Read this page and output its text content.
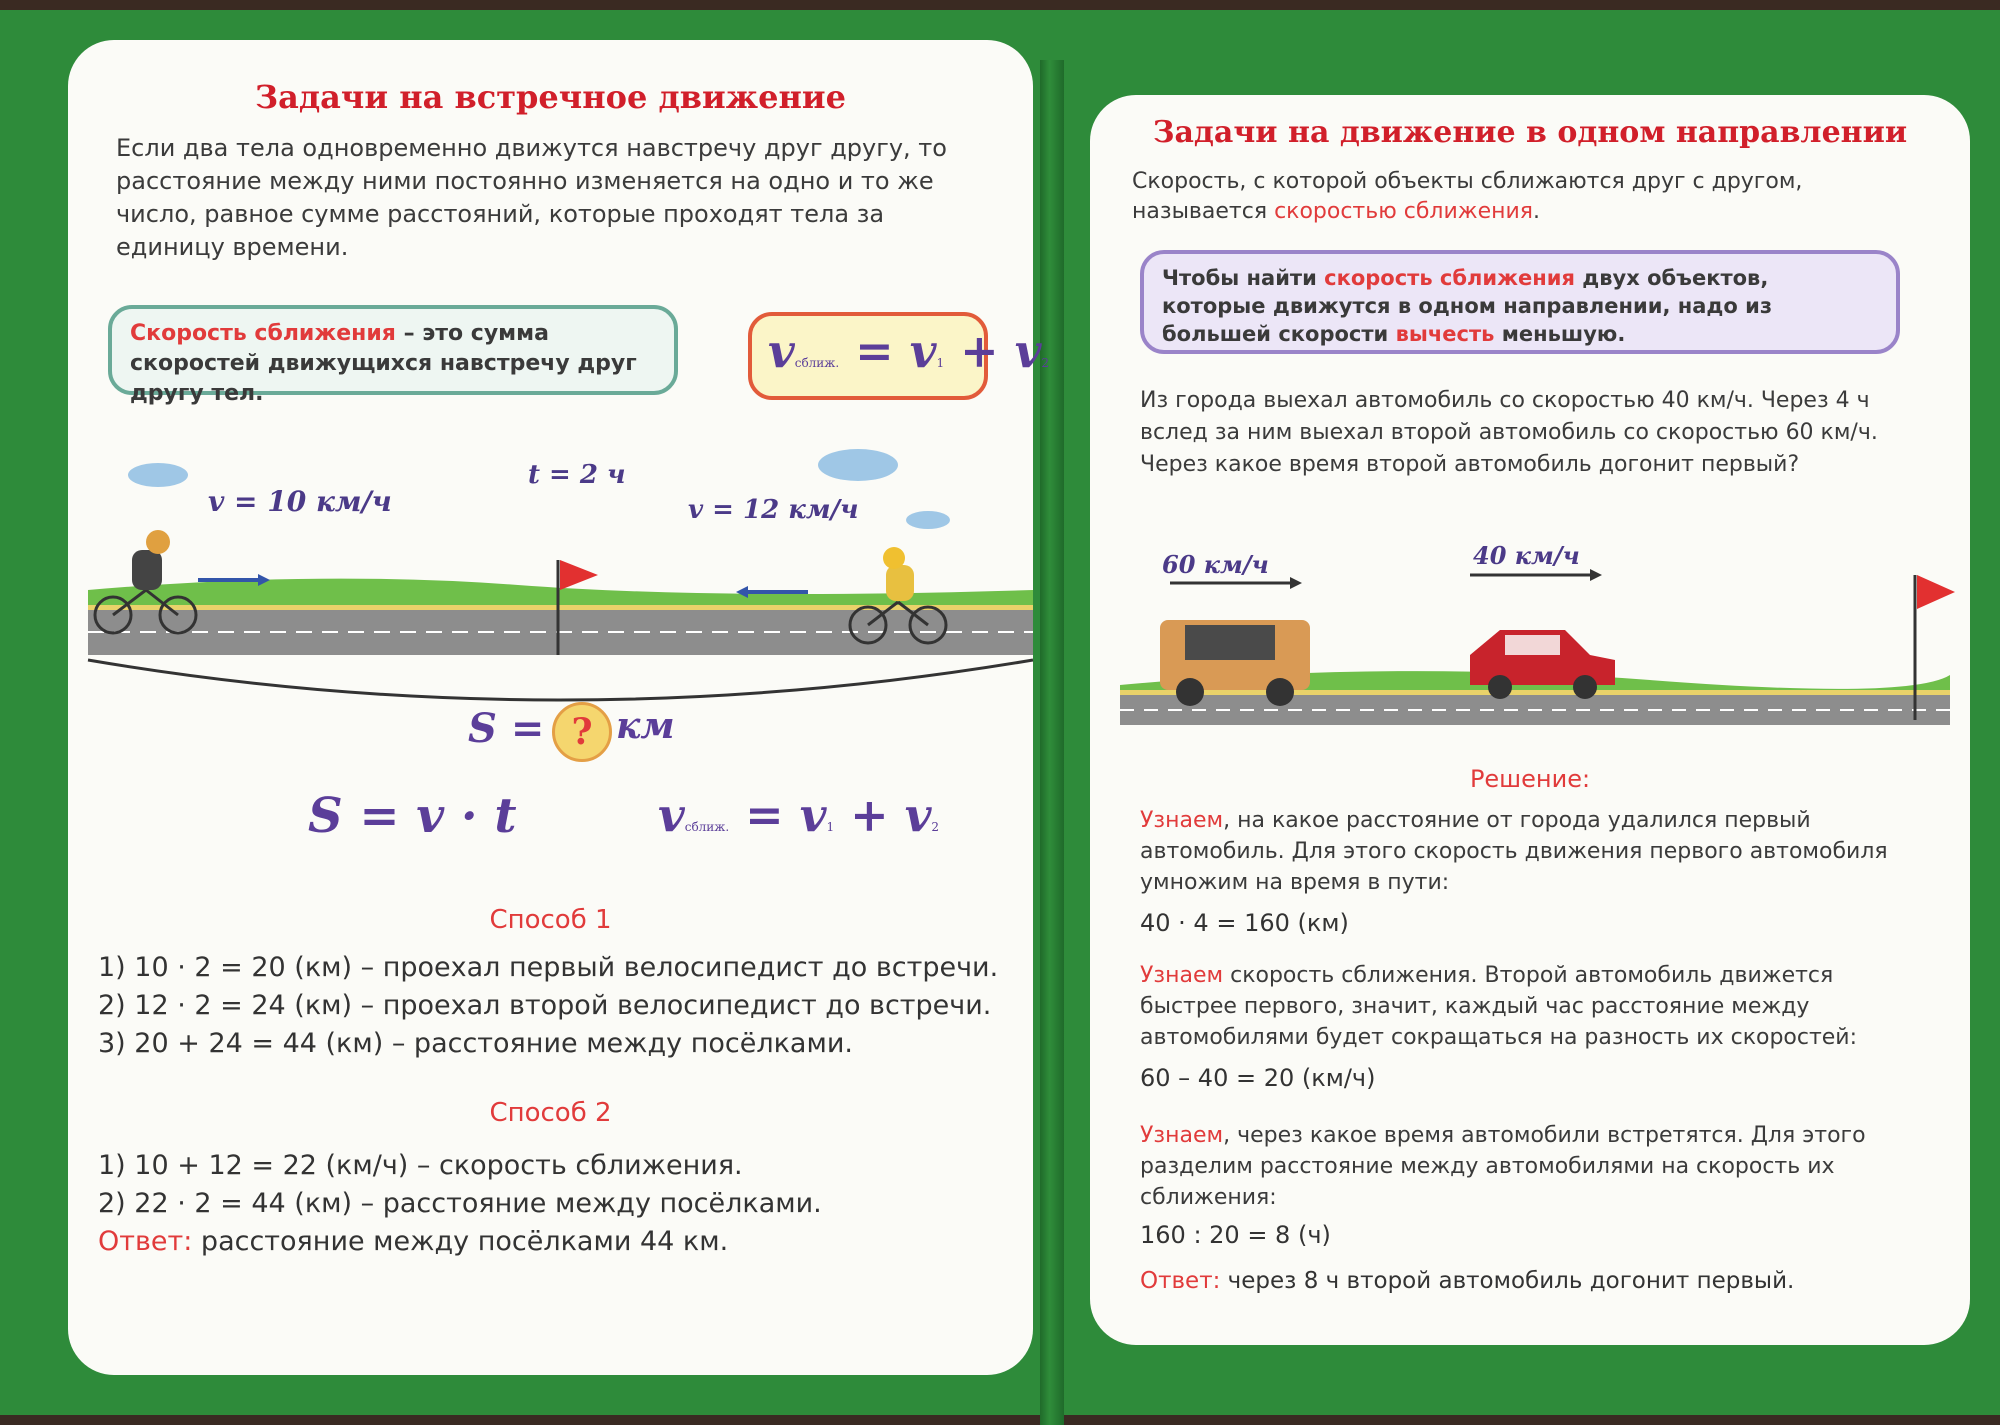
Задачи на встречное движение
Если два тела одновременно движутся навстречу друг другу, то расстояние между ними постоянно изменяется на одно и то же число, равное сумме расстояний, которые проходят тела за единицу времени.
Скорость сближения – это сумма скоростей движущихся навстречу друг другу тел.
vсближ. = v1 + v2
v = 10 км/ч
t = 2 ч
v = 12 км/ч
S = ? км
S = v · t	vсближ. = v1 + v2
Способ 1
1) 10 · 2 = 20 (км) – проехал первый велосипедист до встречи.
2) 12 · 2 = 24 (км) – проехал второй велосипедист до встречи.
3) 20 + 24 = 44 (км) – расстояние между посёлками.
Способ 2
1) 10 + 12 = 22 (км/ч) – скорость сближения.
2) 22 · 2 = 44 (км) – расстояние между посёлками.
Ответ: расстояние между посёлками 44 км.
Задачи на движение в одном направлении
Скорость, с которой объекты сближаются друг с другом, называется скоростью сближения.
Чтобы найти скорость сближения двух объектов, которые движутся в одном направлении, надо из большей скорости вычесть меньшую.
Из города выехал автомобиль со скоростью 40 км/ч. Через 4 ч вслед за ним выехал второй автомобиль со скоростью 60 км/ч. Через какое время второй автомобиль догонит первый?
60 км/ч	40 км/ч
Решение:
Узнаем, на какое расстояние от города удалился первый автомобиль. Для этого скорость движения первого автомобиля умножим на время в пути:
40 · 4 = 160 (км)
Узнаем скорость сближения. Второй автомобиль движется быстрее первого, значит, каждый час расстояние между автомобилями будет сокращаться на разность их скоростей:
60 – 40 = 20 (км/ч)
Узнаем, через какое время автомобили встретятся. Для этого разделим расстояние между автомобилями на скорость их сближения:
160 : 20 = 8 (ч)
Ответ: через 8 ч второй автомобиль догонит первый.
